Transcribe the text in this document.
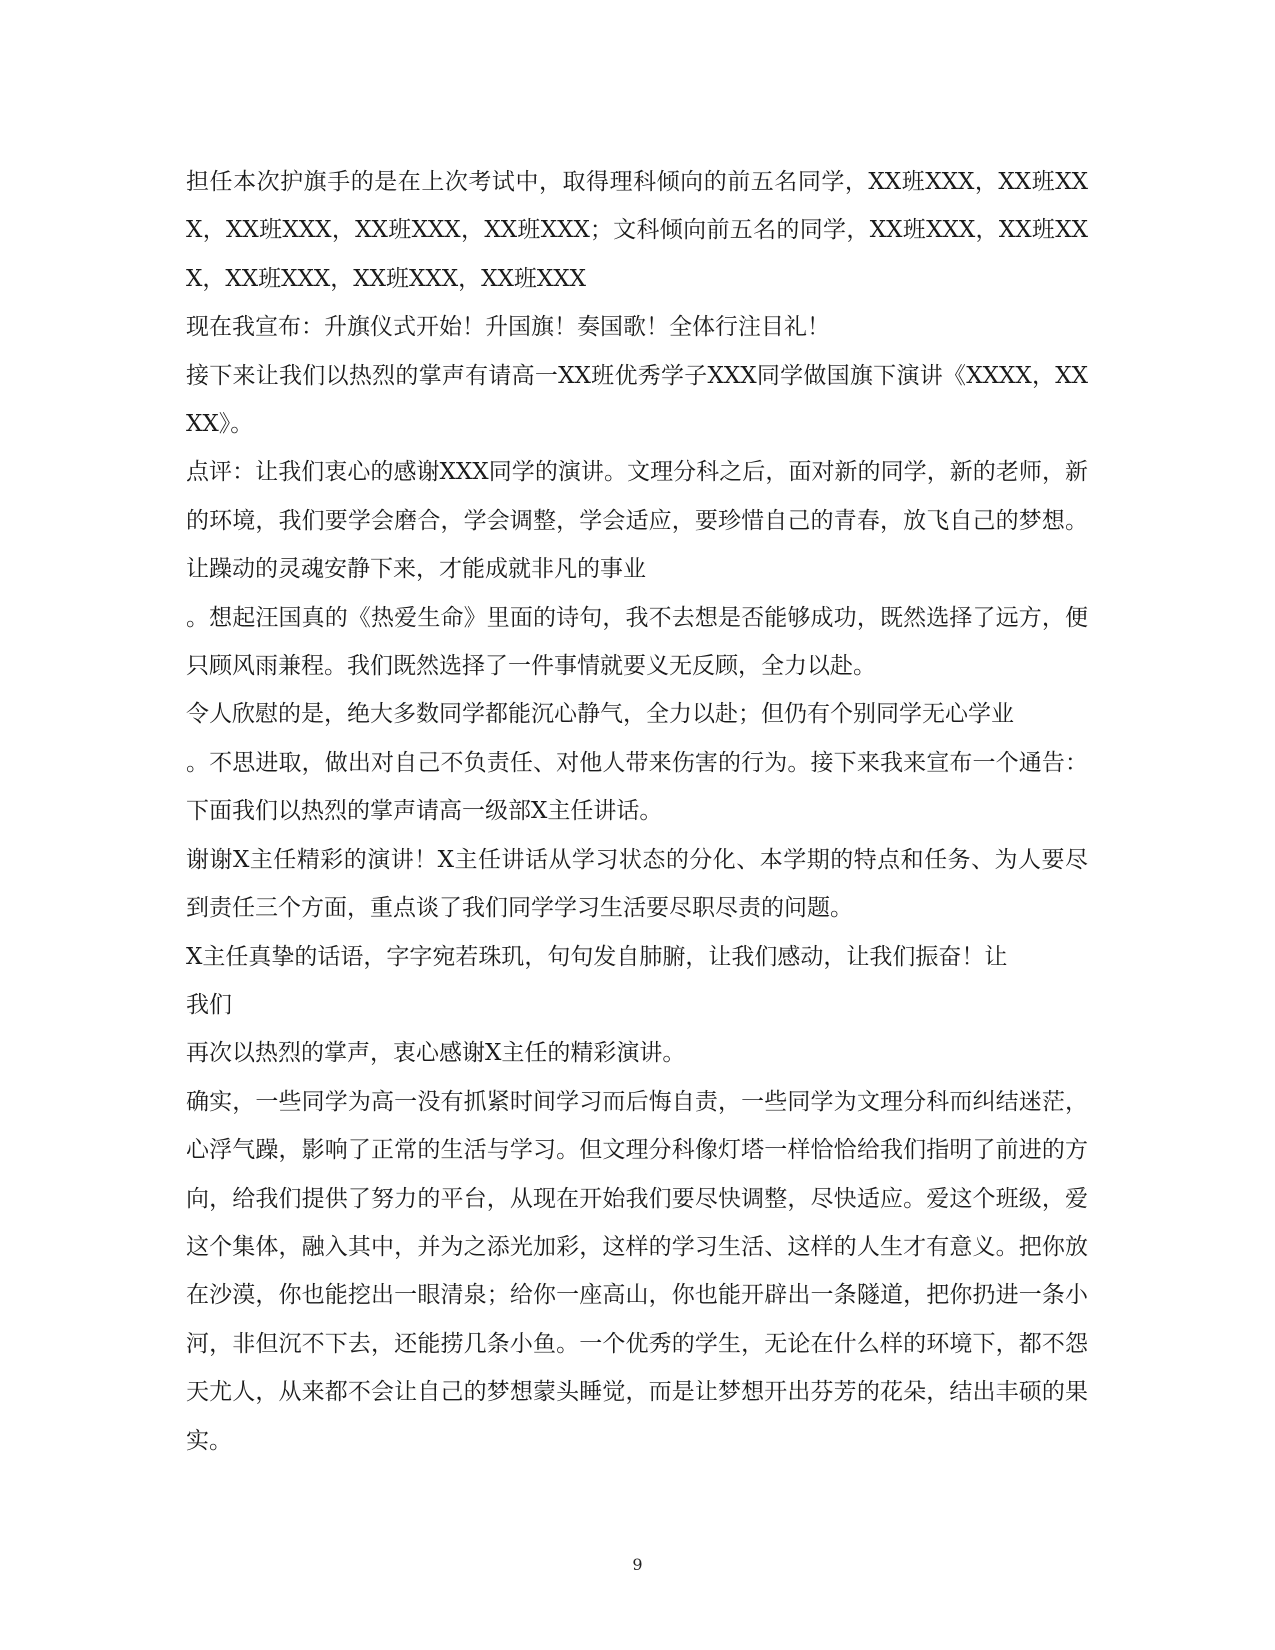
担任本次护旗手的是在上次考试中，取得理科倾向的前五名同学，XX班XXX，XX班XXX，XX班XXX，XX班XXX，XX班XXX；文科倾向前五名的同学，XX班XXX，XX班XXX，XX班XXX，XX班XXX，XX班XXX

现在我宣布：升旗仪式开始！升国旗！奏国歌！全体行注目礼！

接下来让我们以热烈的掌声有请高一XX班优秀学子XXX同学做国旗下演讲《XXXX，XXXX》。

点评：让我们衷心的感谢XXX同学的演讲。文理分科之后，面对新的同学，新的老师，新的环境，我们要学会磨合，学会调整，学会适应，要珍惜自己的青春，放飞自己的梦想。让躁动的灵魂安静下来，才能成就非凡的事业

。想起汪国真的《热爱生命》里面的诗句，我不去想是否能够成功，既然选择了远方，便只顾风雨兼程。我们既然选择了一件事情就要义无反顾，全力以赴。

令人欣慰的是，绝大多数同学都能沉心静气，全力以赴；但仍有个别同学无心学业

。不思进取，做出对自己不负责任、对他人带来伤害的行为。接下来我来宣布一个通告： 下面我们以热烈的掌声请高一级部X主任讲话。

谢谢X主任精彩的演讲！X主任讲话从学习状态的分化、本学期的特点和任务、为人要尽到责任三个方面，重点谈了我们同学学习生活要尽职尽责的问题。

X主任真挚的话语，字字宛若珠玑，句句发自肺腑，让我们感动，让我们振奋！让

我们

再次以热烈的掌声，衷心感谢X主任的精彩演讲。

确实，一些同学为高一没有抓紧时间学习而后悔自责，一些同学为文理分科而纠结迷茫，心浮气躁，影响了正常的生活与学习。但文理分科像灯塔一样恰恰给我们指明了前进的方向，给我们提供了努力的平台，从现在开始我们要尽快调整，尽快适应。爱这个班级，爱这个集体，融入其中，并为之添光加彩，这样的学习生活、这样的人生才有意义。把你放在沙漠，你也能挖出一眼清泉；给你一座高山，你也能开辟出一条隧道，把你扔进一条小河，非但沉不下去，还能捞几条小鱼。一个优秀的学生，无论在什么样的环境下，都不怨天尤人，从来都不会让自己的梦想蒙头睡觉，而是让梦想开出芬芳的花朵，结出丰硕的果实。

9
